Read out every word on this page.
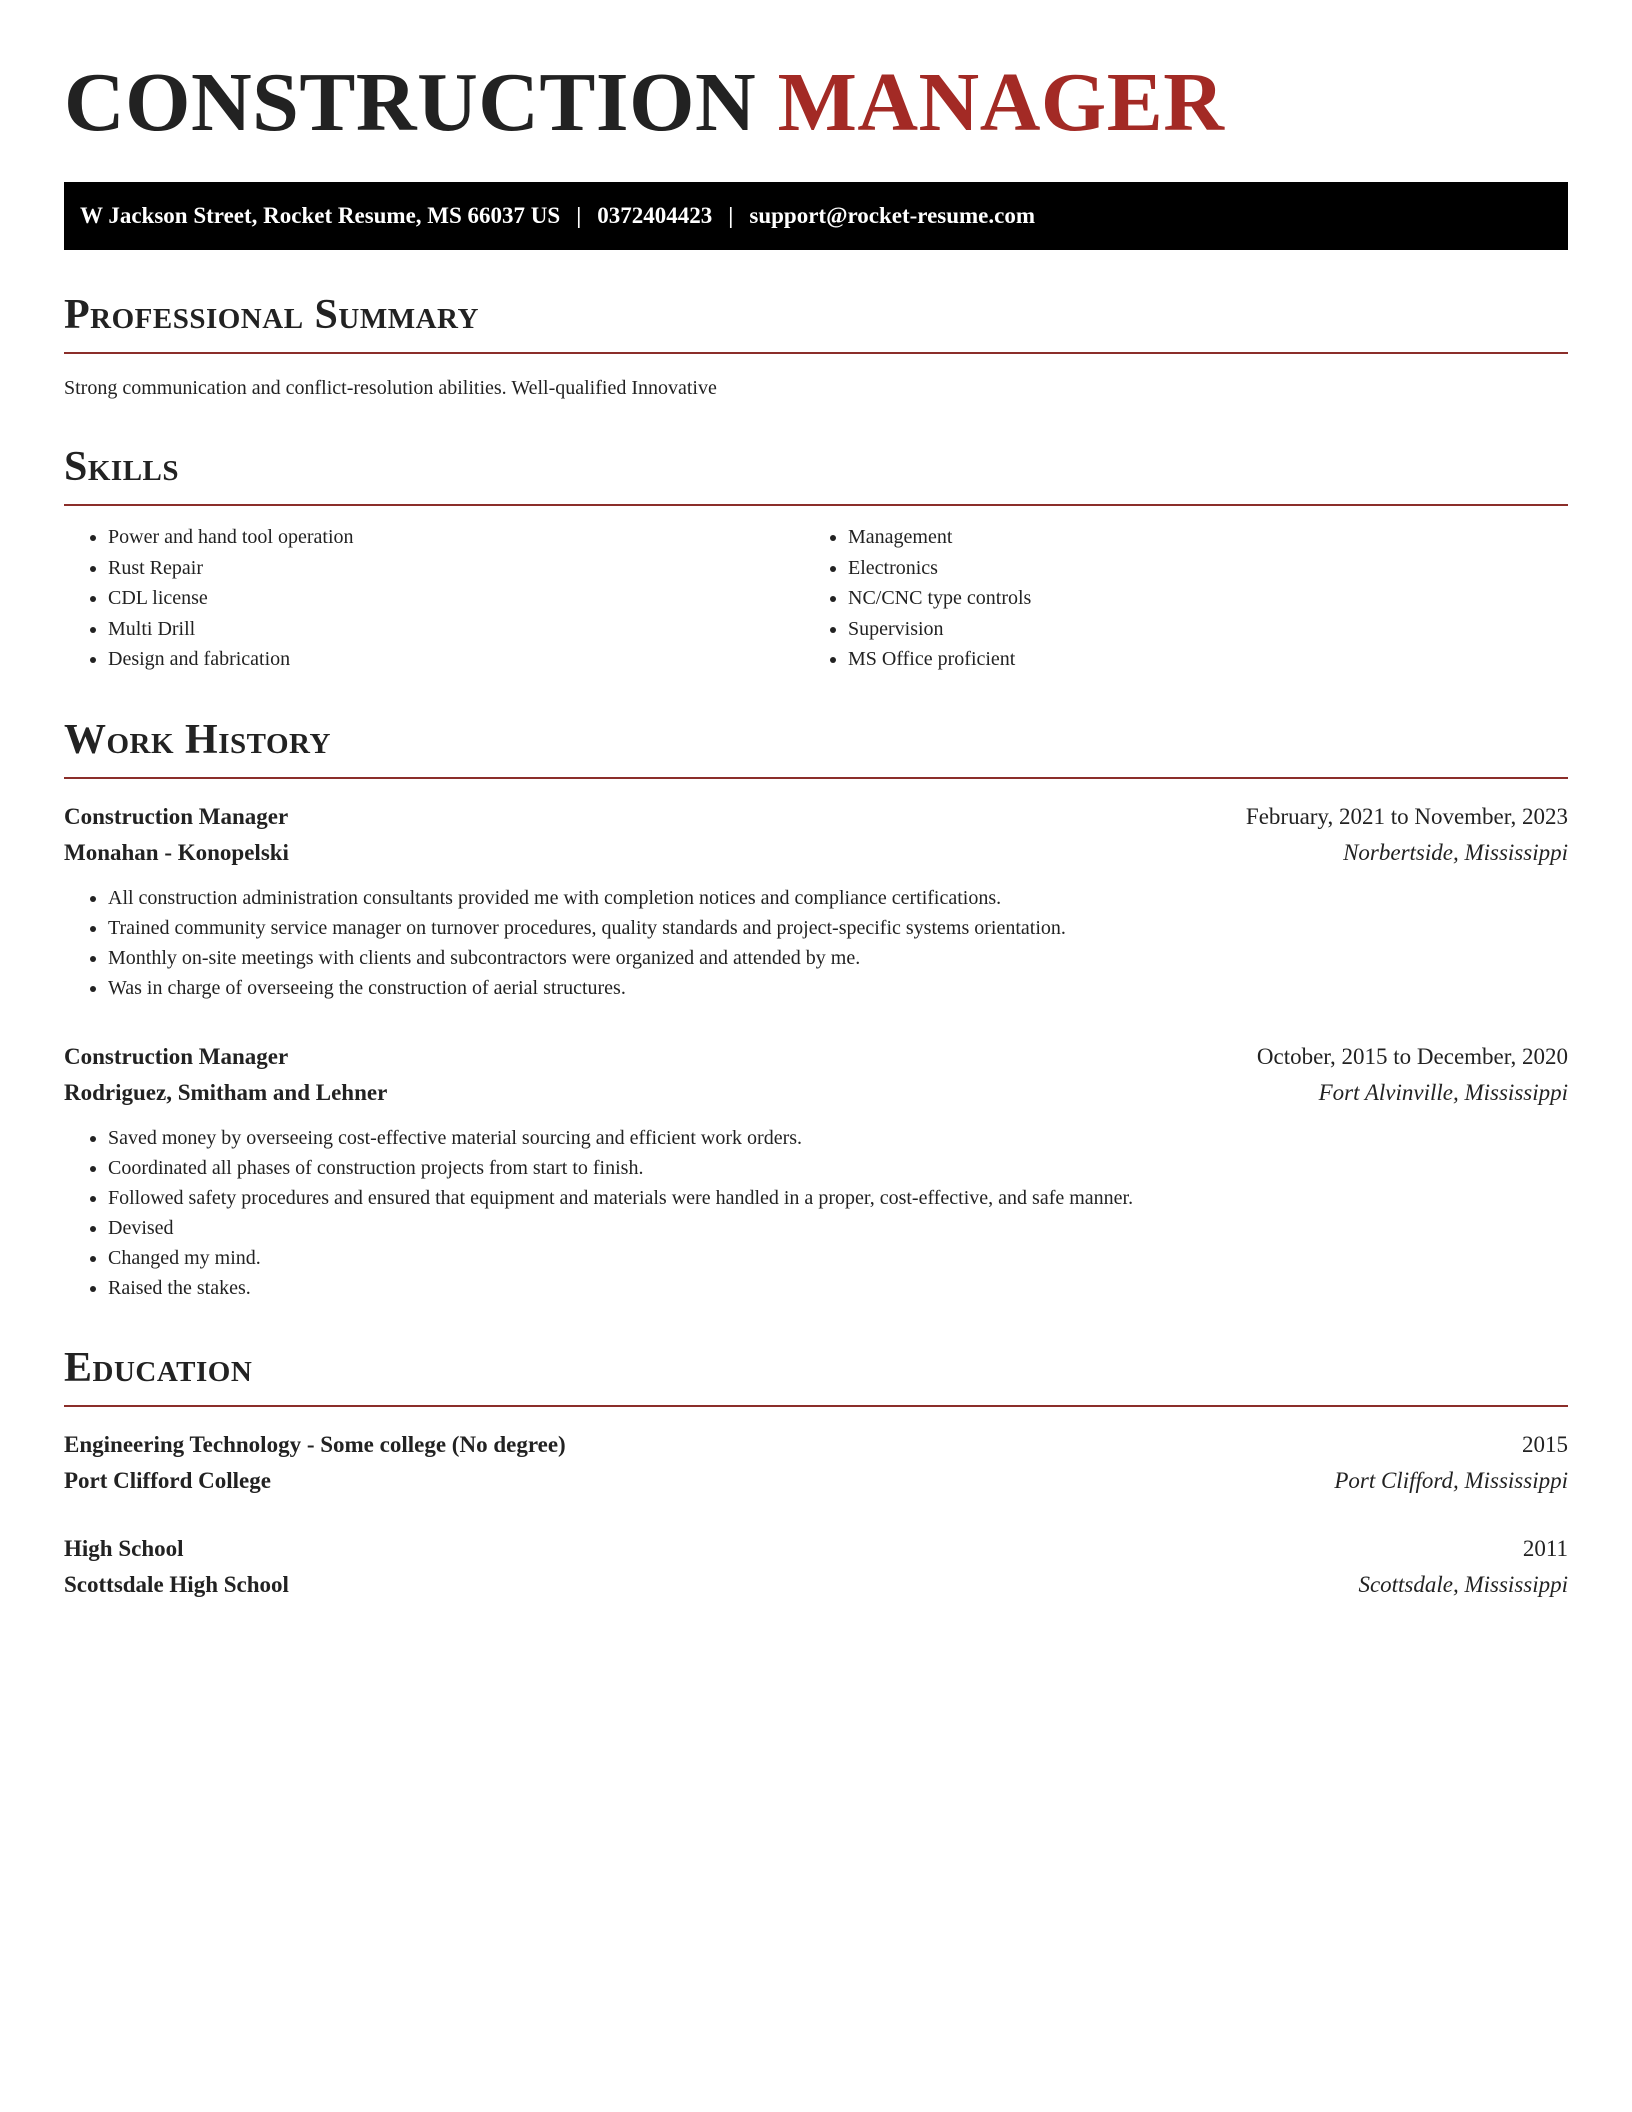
CONSTRUCTION MANAGER
W Jackson Street, Rocket Resume, MS 66037 US | 0372404423 | support@rocket-resume.com
Professional Summary

Strong communication and conflict-resolution abilities. Well-qualified Innovative

Skills
• Power and hand tool operation
• Rust Repair
• CDL license
• Multi Drill
• Design and fabrication
• Management
• Electronics
• NC/CNC type controls
• Supervision
• MS Office proficient
Work History
Construction Manager	February, 2021 to November, 2023
Monahan - Konopelski	Norbertside, Mississippi
• All construction administration consultants provided me with completion notices and compliance certifications.
• Trained community service manager on turnover procedures, quality standards and project-specific systems orientation.
• Monthly on-site meetings with clients and subcontractors were organized and attended by me.
• Was in charge of overseeing the construction of aerial structures.
Construction Manager	October, 2015 to December, 2020
Rodriguez, Smitham and Lehner	Fort Alvinville, Mississippi
• Saved money by overseeing cost-effective material sourcing and efficient work orders.
• Coordinated all phases of construction projects from start to finish.
• Followed safety procedures and ensured that equipment and materials were handled in a proper, cost-effective, and safe manner.
• Devised
• Changed my mind.
• Raised the stakes.
Education
Engineering Technology - Some college (No degree)	2015
Port Clifford College	Port Clifford, Mississippi
High School	2011
Scottsdale High School	Scottsdale, Mississippi
